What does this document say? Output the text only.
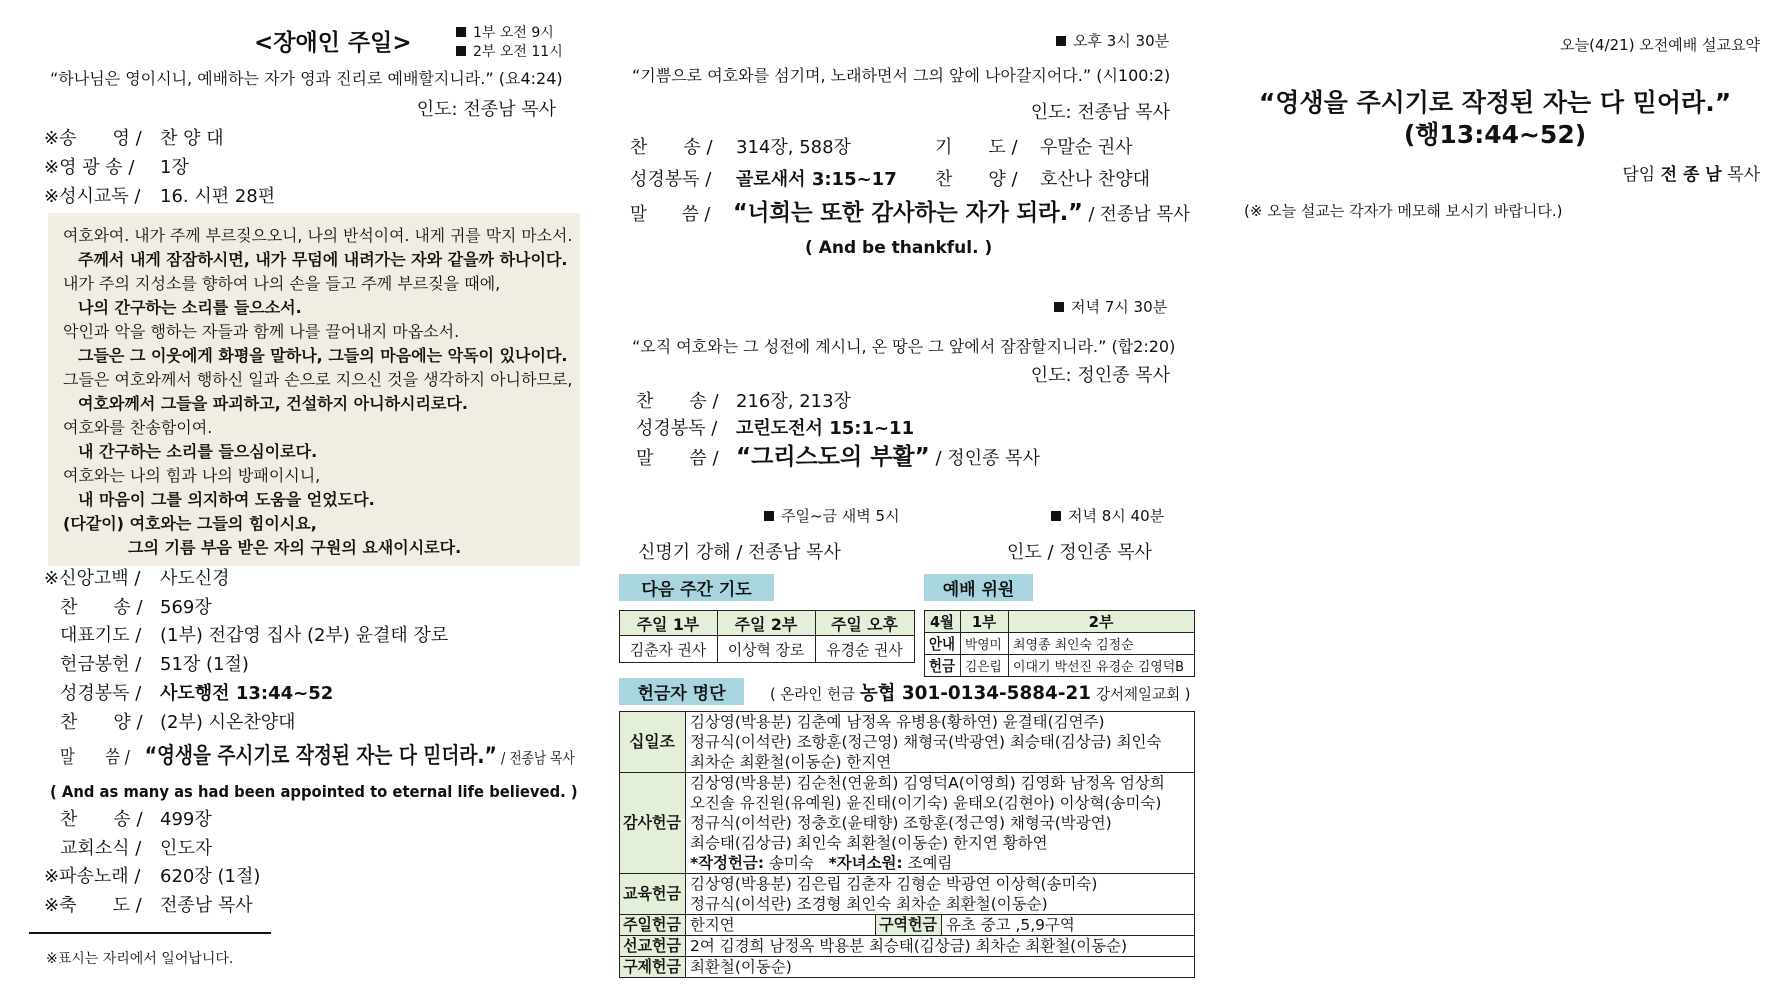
<장애인 주일>	1부 오전 9시
2부 오전 11시
“하나님은 영이시니, 예배하는 자가 영과 진리로 예배할지니라.” (요4:24)
인도: 전종남 목사
※송　　영 / 찬 양 대
※영 광 송 / 1장
※성시교독 / 16. 시편 28편
여호와여. 내가 주께 부르짖으오니, 나의 반석이여. 내게 귀를 막지 마소서.
주께서 내게 잠잠하시면, 내가 무덤에 내려가는 자와 같을까 하나이다.
내가 주의 지성소를 향하여 나의 손을 들고 주께 부르짖을 때에,
나의 간구하는 소리를 들으소서.
악인과 악을 행하는 자들과 함께 나를 끌어내지 마옵소서.
그들은 그 이웃에게 화평을 말하나, 그들의 마음에는 악독이 있나이다.
그들은 여호와께서 행하신 일과 손으로 지으신 것을 생각하지 아니하므로,
여호와께서 그들을 파괴하고, 건설하지 아니하시리로다.
여호와를 찬송함이여.
내 간구하는 소리를 들으심이로다.
여호와는 나의 힘과 나의 방패이시니,
내 마음이 그를 의지하여 도움을 얻었도다.
(다같이) 여호와는 그들의 힘이시요,
그의 기름 부음 받은 자의 구원의 요새이시로다.
※신앙고백 / 사도신경
찬　　송 / 569장
대표기도 / (1부) 전갑영 집사 (2부) 윤결태 장로
헌금봉헌 / 51장 (1절)
성경봉독 / 사도행전 13:44~52
찬　　양 / (2부) 시온찬양대
말　　씀 / “영생을 주시기로 작정된 자는 다 믿더라.” / 전종남 목사
( And as many as had been appointed to eternal life believed. )
찬　　송 / 499장
교회소식 / 인도자
※파송노래 / 620장 (1절)
※축　　도 / 전종남 목사
※표시는 자리에서 일어납니다.
오후 3시 30분
“기쁨으로 여호와를 섬기며, 노래하면서 그의 앞에 나아갈지어다.” (시100:2)
인도: 전종남 목사
찬　　송 / 314장, 588장	기　　도 / 우말순 권사
성경봉독 / 골로새서 3:15~17 찬　　양 / 호산나 찬양대
말　　씀 / “너희는 또한 감사하는 자가 되라.” / 전종남 목사
( And be thankful. )
저녁 7시 30분
“오직 여호와는 그 성전에 계시니, 온 땅은 그 앞에서 잠잠할지니라.” (합2:20)
인도: 정인종 목사
찬　　송 / 216장, 213장
성경봉독 / 고린도전서 15:1~11
말　　씀 / “그리스도의 부활” / 정인종 목사
주일~금 새벽 5시	저녁 8시 40분
신명기 강해 / 전종남 목사	인도 / 정인종 목사
다음 주간 기도	예배 위원
주일 1부	주일 2부	주일 오후

김춘자 권사	이상혁 장로	유경순 권사
4월	1부	2부

안내	박영미	최영종 최인숙 김정순

헌금	김은립	이대기 박선진 유경순 김영덕B
헌금자 명단	( 온라인 헌금 농협 301-0134-5884-21 강서제일교회 )
십일조	김상영(박용분) 김춘예 남정옥 유병용(황하연) 윤결태(김연주)
정규식(이석란) 조항훈(정근영) 채형국(박광연) 최승태(김상금) 최인숙
최차순 최환철(이동순) 한지연		

감사헌금	김상영(박용분) 김순천(연윤희) 김영덕A(이영희) 김영화 남정옥 엄상희
오진솔 유진원(유예원) 윤진태(이기숙) 윤태오(김현아) 이상혁(송미숙)
정규식(이석란) 정충호(윤태향) 조항훈(정근영) 채형국(박광연)
최승태(김상금) 최인숙 최환철(이동순) 한지연 황하연
*작정헌금: 송미숙 *자녀소원: 조예림		

교육헌금	김상영(박용분) 김은립 김춘자 김형순 박광연 이상혁(송미숙)
정규식(이석란) 조경형 최인숙 최차순 최환철(이동순)		

주일헌금	한지연	구역헌금	유초 중고 ,5,9구역

선교헌금	2여 김경희 남정옥 박용분 최승태(김상금) 최차순 최환철(이동순)		

구제헌금	최환철(이동순)		
오늘(4/21) 오전예배 설교요약
“영생을 주시기로 작정된 자는 다 믿어라.”
(행13:44~52)
담임 전 종 남 목사
(※ 오늘 설교는 각자가 메모해 보시기 바랍니다.)
